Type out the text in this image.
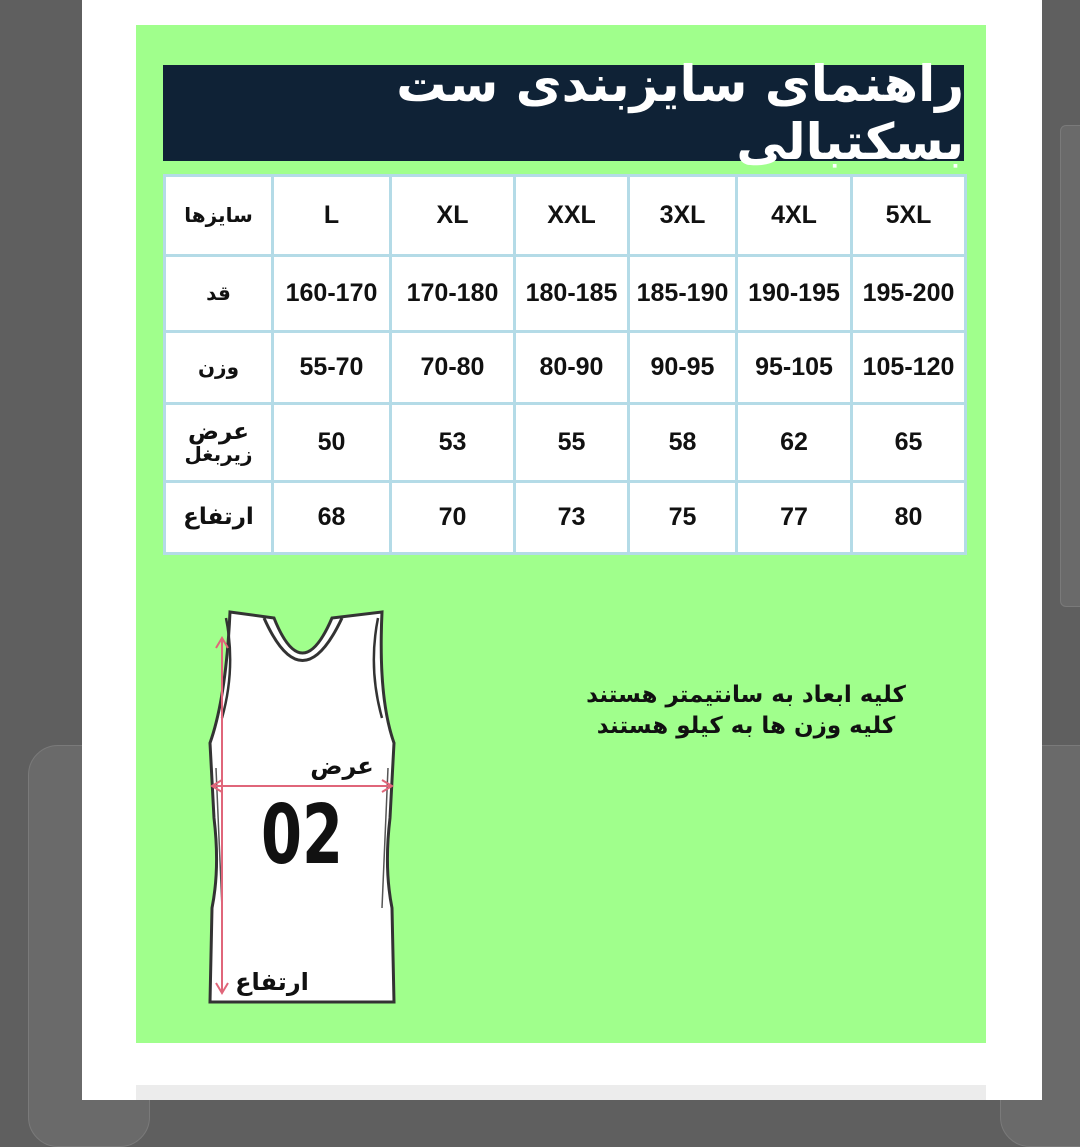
راهنمای سایزبندی ست بسکتبالی
سایزها	L	XL	XXL	3XL	4XL	5XL
قد	160-170	170-180	180-185	185-190	190-195	195-200
وزن	55-70	70-80	80-90	90-95	95-105	105-120

عرض
زیربغل	50	53	55	58	62	65
ارتفاع	68	70	73	75	77	80
عرض
02
ارتفاع
کلیه ابعاد به سانتیمتر هستند
کلیه وزن ها به کیلو هستند
